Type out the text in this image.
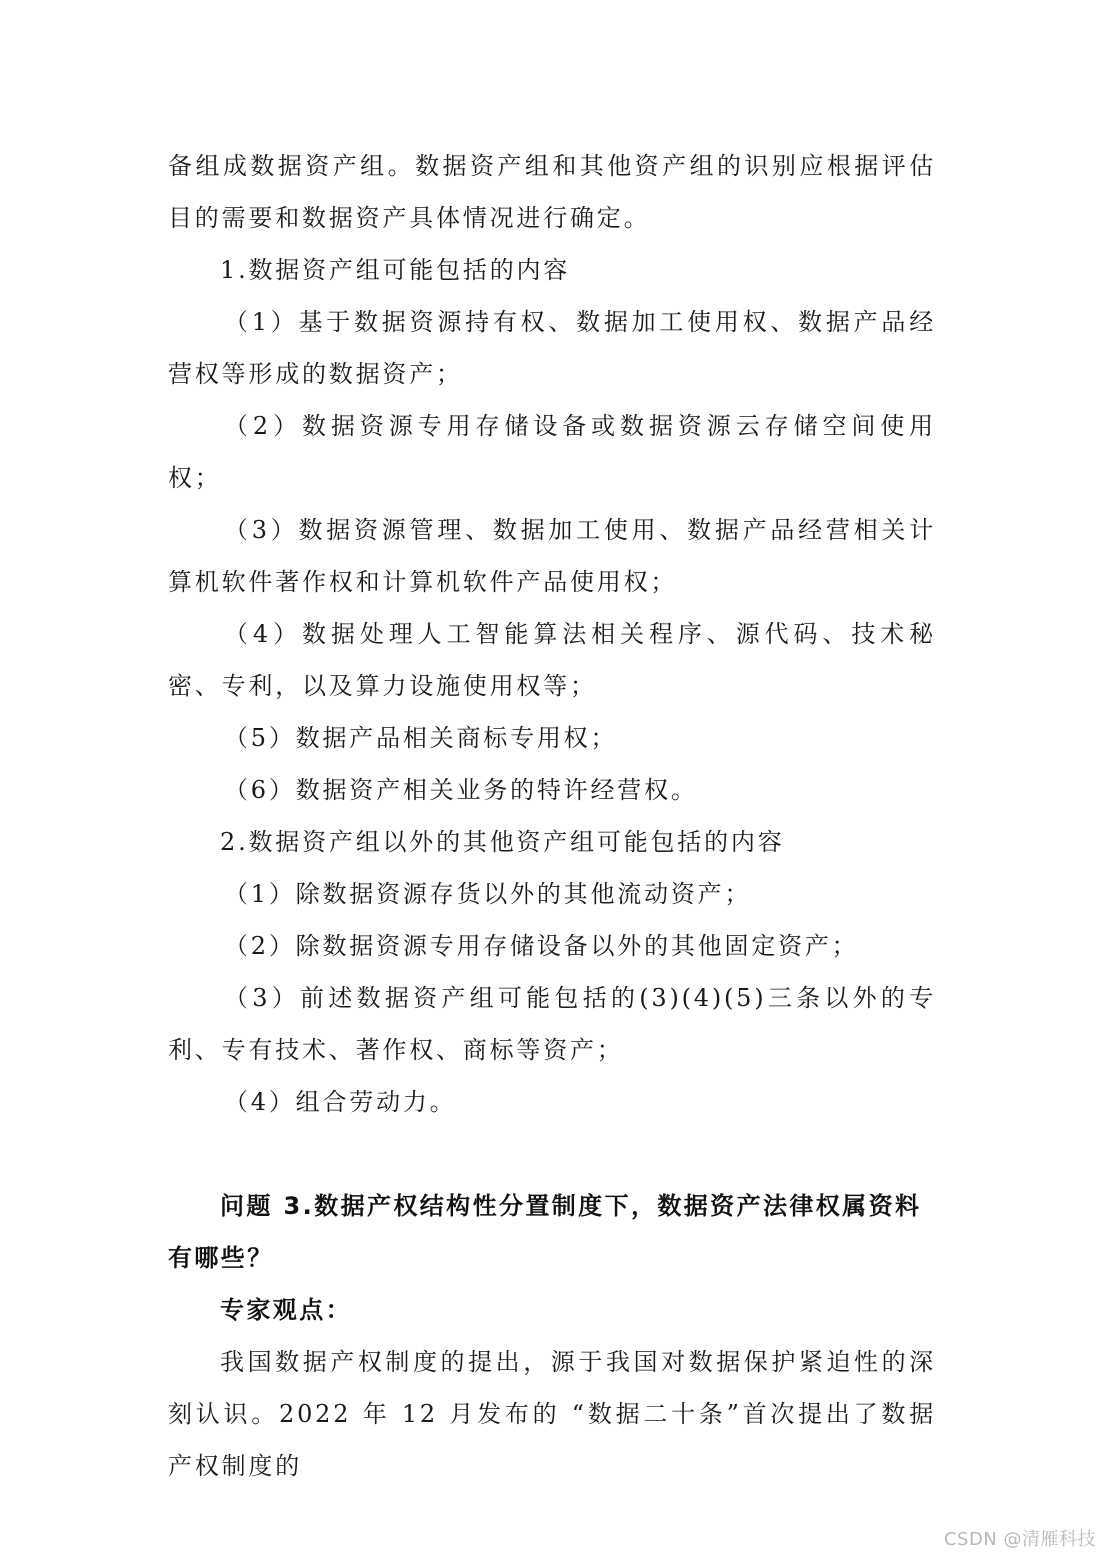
备组成数据资产组。数据资产组和其他资产组的识别应根据评估目的需要和数据资产具体情况进行确定。

1.数据资产组可能包括的内容

（1）基于数据资源持有权、数据加工使用权、数据产品经营权等形成的数据资产；

（2）数据资源专用存储设备或数据资源云存储空间使用权；

（3）数据资源管理、数据加工使用、数据产品经营相关计算机软件著作权和计算机软件产品使用权；

（4）数据处理人工智能算法相关程序、源代码、技术秘密、专利，以及算力设施使用权等；

（5）数据产品相关商标专用权；

（6）数据资产相关业务的特许经营权。

2.数据资产组以外的其他资产组可能包括的内容

（1）除数据资源存货以外的其他流动资产；

（2）除数据资源专用存储设备以外的其他固定资产；

（3）前述数据资产组可能包括的(3)(4)(5)三条以外的专利、专有技术、著作权、商标等资产；

（4）组合劳动力。

问题 3.数据产权结构性分置制度下，数据资产法律权属资料有哪些？

专家观点：

我国数据产权制度的提出，源于我国对数据保护紧迫性的深刻认识。2022 年 12 月发布的 “数据二十条”首次提出了数据产权制度的

CSDN @清雁科技
